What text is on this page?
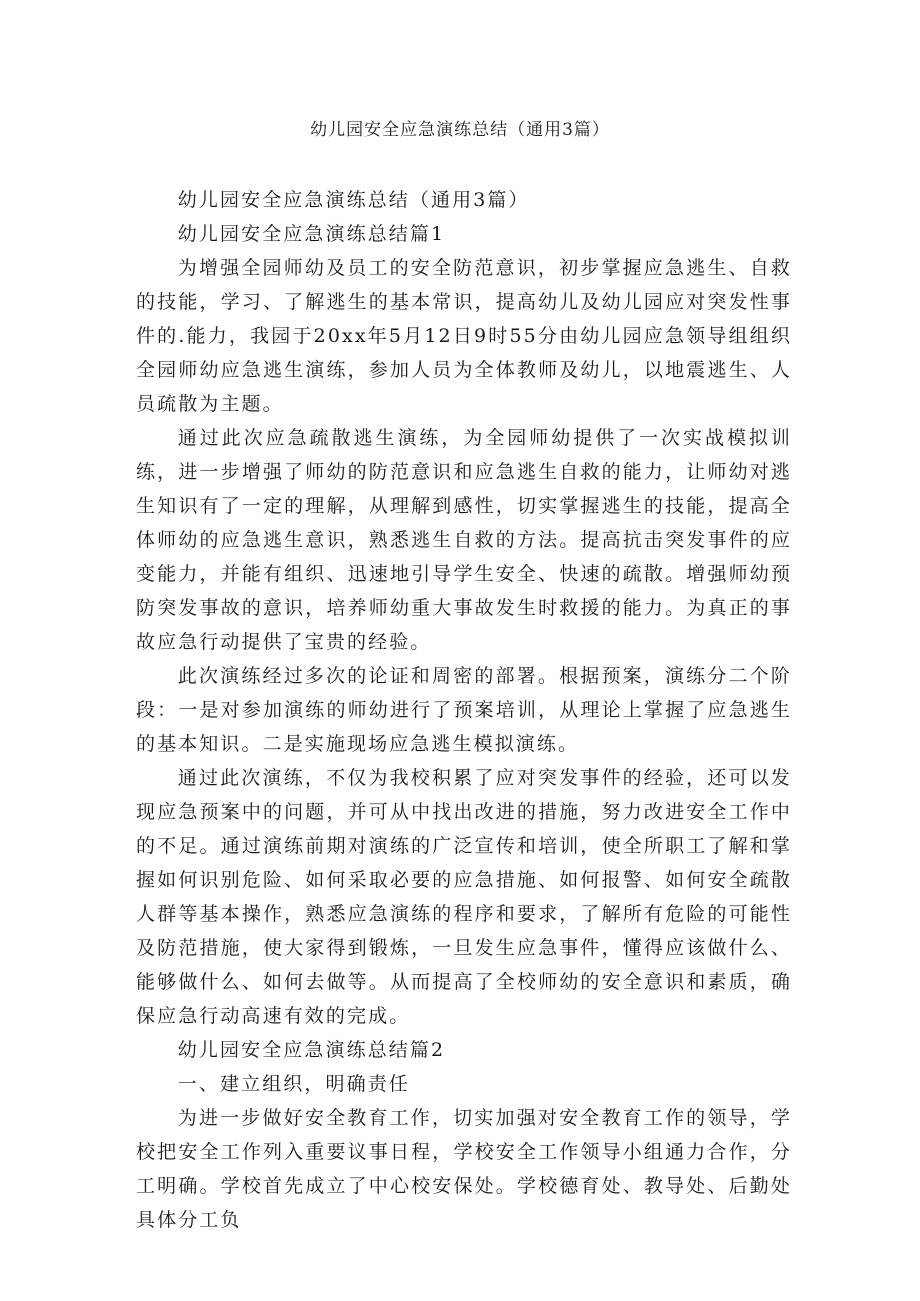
幼儿园安全应急演练总结（通用3篇）

幼儿园安全应急演练总结（通用3篇）

幼儿园安全应急演练总结篇1

为增强全园师幼及员工的安全防范意识，初步掌握应急逃生、自救的技能，学习、了解逃生的基本常识，提高幼儿及幼儿园应对突发性事件的.能力，我园于20xx年5月12日9时55分由幼儿园应急领导组组织全园师幼应急逃生演练，参加人员为全体教师及幼儿，以地震逃生、人员疏散为主题。

通过此次应急疏散逃生演练，为全园师幼提供了一次实战模拟训练，进一步增强了师幼的防范意识和应急逃生自救的能力，让师幼对逃生知识有了一定的理解，从理解到感性，切实掌握逃生的技能，提高全体师幼的应急逃生意识，熟悉逃生自救的方法。提高抗击突发事件的应变能力，并能有组织、迅速地引导学生安全、快速的疏散。增强师幼预防突发事故的意识，培养师幼重大事故发生时救援的能力。为真正的事故应急行动提供了宝贵的经验。

此次演练经过多次的论证和周密的部署。根据预案，演练分二个阶段：一是对参加演练的师幼进行了预案培训，从理论上掌握了应急逃生的基本知识。二是实施现场应急逃生模拟演练。

通过此次演练，不仅为我校积累了应对突发事件的经验，还可以发现应急预案中的问题，并可从中找出改进的措施，努力改进安全工作中的不足。通过演练前期对演练的广泛宣传和培训，使全所职工了解和掌握如何识别危险、如何采取必要的应急措施、如何报警、如何安全疏散人群等基本操作，熟悉应急演练的程序和要求，了解所有危险的可能性及防范措施，使大家得到锻炼，一旦发生应急事件，懂得应该做什么、能够做什么、如何去做等。从而提高了全校师幼的安全意识和素质，确保应急行动高速有效的完成。

幼儿园安全应急演练总结篇2

一、建立组织，明确责任

为进一步做好安全教育工作，切实加强对安全教育工作的领导，学校把安全工作列入重要议事日程，学校安全工作领导小组通力合作，分工明确。学校首先成立了中心校安保处。学校德育处、教导处、后勤处具体分工负
